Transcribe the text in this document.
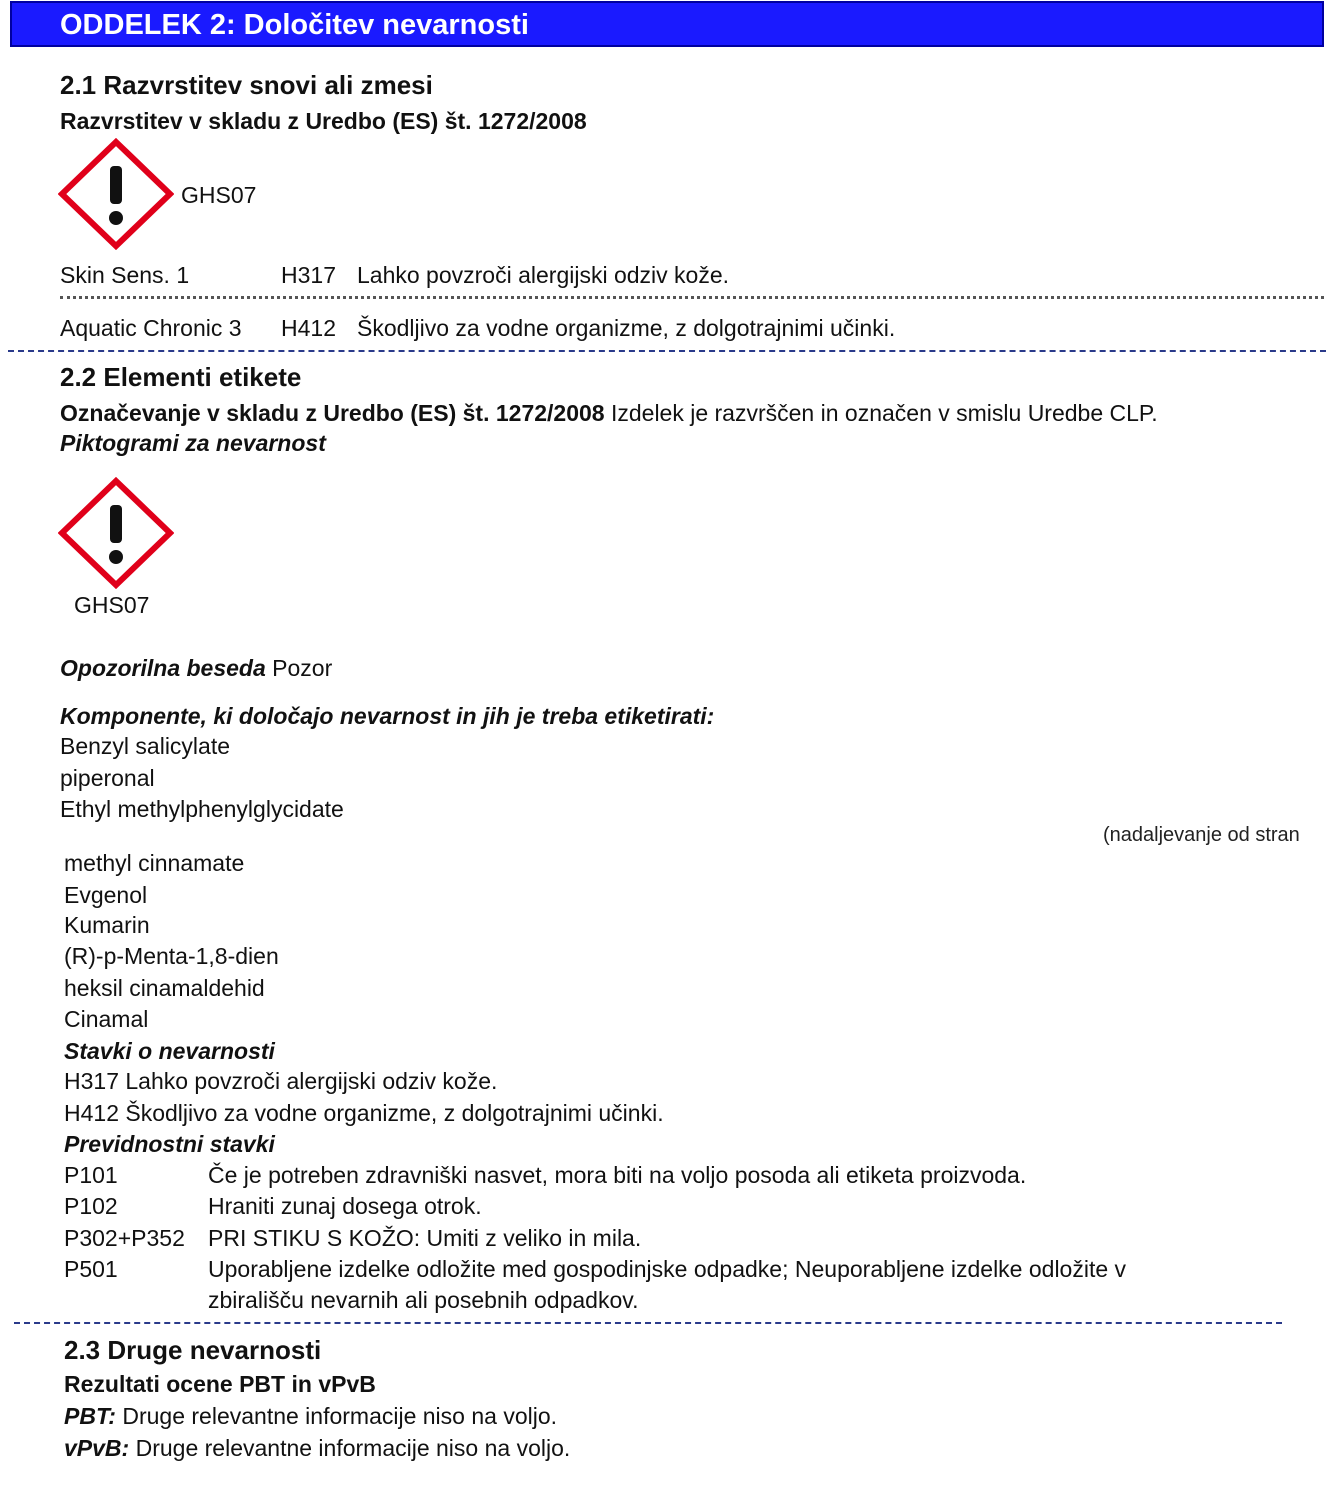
ODDELEK 2: Določitev nevarnosti
2.1 Razvrstitev snovi ali zmesi
Razvrstitev v skladu z Uredbo (ES) št. 1272/2008
GHS07
Skin Sens. 1	H317 Lahko povzroči alergijski odziv kože.
Aquatic Chronic 3 H412 Škodljivo za vodne organizme, z dolgotrajnimi učinki.
2.2 Elementi etikete
Označevanje v skladu z Uredbo (ES) št. 1272/2008 Izdelek je razvrščen in označen v smislu Uredbe CLP.
Piktogrami za nevarnost
GHS07
Opozorilna beseda Pozor
Komponente, ki določajo nevarnost in jih je treba etiketirati:
Benzyl salicylate
piperonal
Ethyl methylphenylglycidate
(nadaljevanje od stran
methyl cinnamate
Evgenol
Kumarin
(R)-p-Menta-1,8-dien
heksil cinamaldehid
Cinamal
Stavki o nevarnosti
H317 Lahko povzroči alergijski odziv kože.
H412 Škodljivo za vodne organizme, z dolgotrajnimi učinki.
Previdnostni stavki
P101	Če je potreben zdravniški nasvet, mora biti na voljo posoda ali etiketa proizvoda.
P102	Hraniti zunaj dosega otrok.
P302+P352 PRI STIKU S KOŽO: Umiti z veliko in mila.
P501	Uporabljene izdelke odložite med gospodinjske odpadke; Neuporabljene izdelke odložite v
zbirališču nevarnih ali posebnih odpadkov.
2.3 Druge nevarnosti
Rezultati ocene PBT in vPvB
PBT: Druge relevantne informacije niso na voljo.
vPvB: Druge relevantne informacije niso na voljo.
